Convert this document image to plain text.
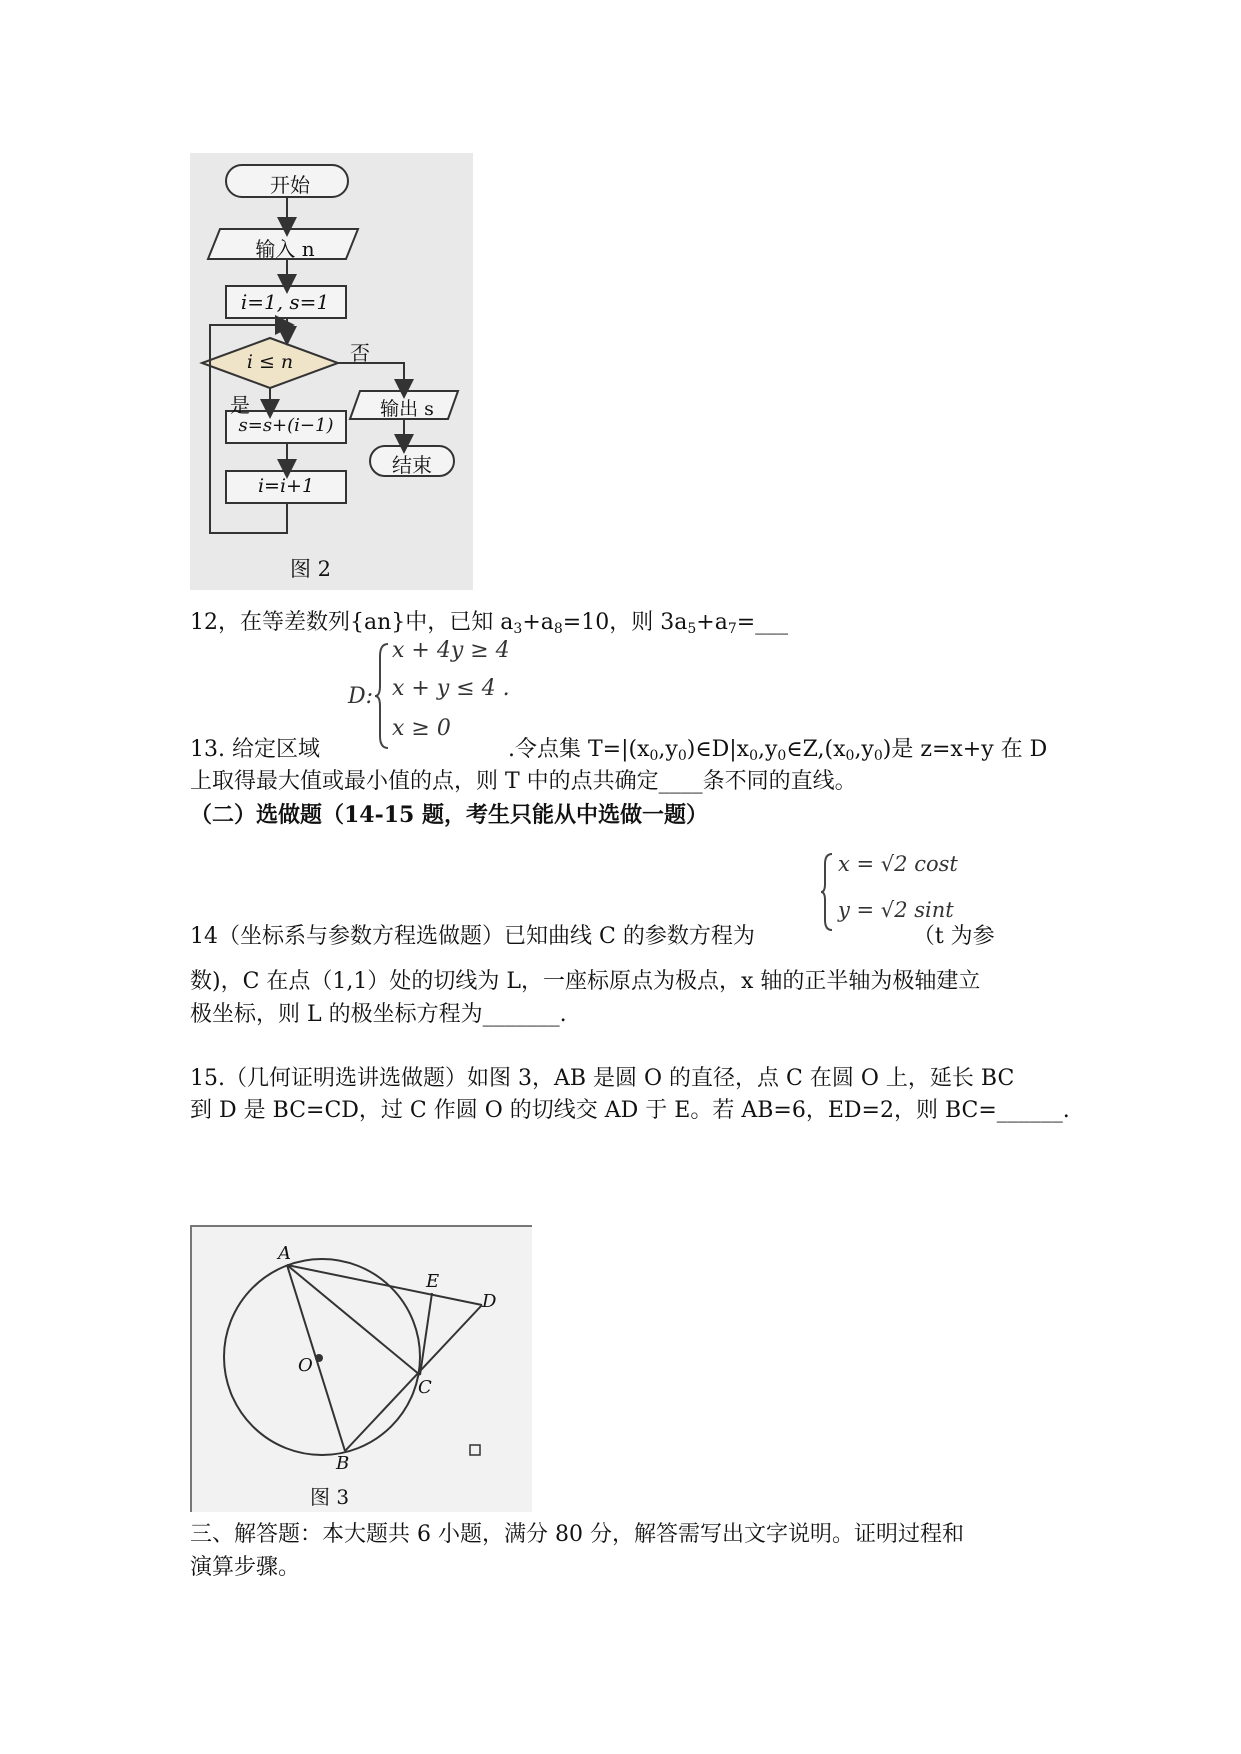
开始
输入 n
i=1, s=1
i ≤ n	否
是	输出 s
结束
s=s+(i−1)
i=i+1
图 2
12，在等差数列{an}中，已知 $a_3+a_8=10$，则 $3a_5+a_7=\_\_\_$
D:
x + 4y ≥ 4
x + y ≤ 4 .
x ≥ 0
13. 给定区域	.令点集 $T=|(x_0,y_0)\in D|x_0,y_0\in Z,(x_0,y_0)$是 z=x+y 在 D
上取得最大值或最小值的点，则 T 中的点共确定____条不同的直线。
（二）选做题（14-15 题，考生只能从中选做一题）
x = √2 cost
y = √2 sint
14（坐标系与参数方程选做题）已知曲线 C 的参数方程为	（t 为参
数)，C 在点（1,1）处的切线为 L，一座标原点为极点，x 轴的正半轴为极轴建立
极坐标，则 L 的极坐标方程为_______.
15.（几何证明选讲选做题）如图 3，AB 是圆 O 的直径，点 C 在圆 O 上，延长 BC
到 D 是 BC=CD，过 C 作圆 O 的切线交 AD 于 E。若 AB=6，ED=2，则 BC=______.
A
B
C
D
E
O
图 3
三、解答题：本大题共 6 小题，满分 80 分，解答需写出文字说明。证明过程和
演算步骤。
